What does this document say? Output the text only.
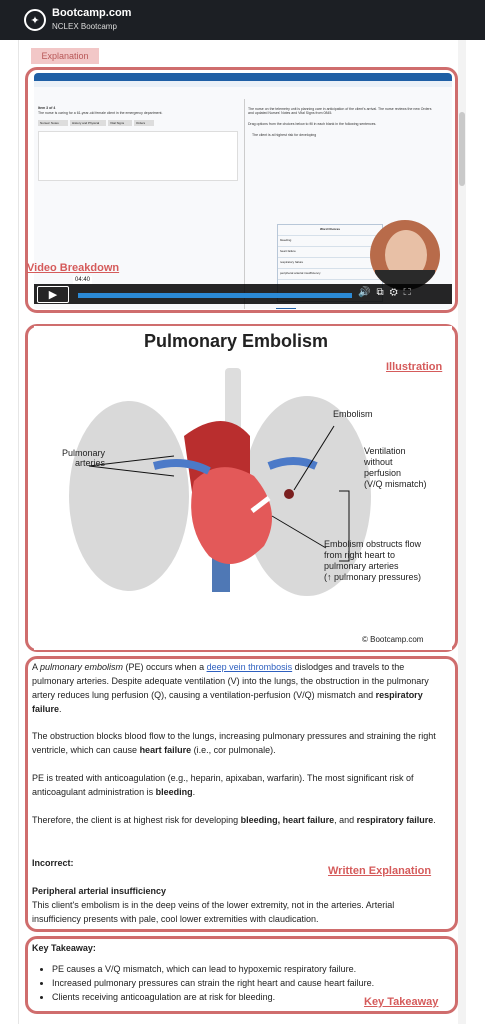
✦
Bootcamp.com
NCLEX Bootcamp
Explanation
Item 3 of 4
The nurse is caring for a 61-year-old female client in the emergency department.
Nurses' Notes	History and Physical	Vital Signs	Orders
The nurse on the telemetry unit is planning care in anticipation of the client's arrival. The nurse reviews the new Orders and updated Nurses' Notes and Vital Signs from 0845.
Drag options from the choices below to fill in each blank in the following sentences.
The client is at highest risk for developing
Word Choices
bleeding
heart failure
respiratory failure
peripheral arterial insufficiency
▶
04:40
🔊⧉⚙⛶
Video Breakdown
Pulmonary Embolism
Pulmonary
arteries
Embolism
Ventilation
without
perfusion
(V/Q mismatch)
Embolism obstructs flow
from right heart to
pulmonary arteries
(↑ pulmonary pressures)
© Bootcamp.com
Illustration
A pulmonary embolism (PE) occurs when a deep vein thrombosis dislodges and travels to the pulmonary arteries. Despite adequate ventilation (V) into the lungs, the obstruction in the pulmonary artery reduces lung perfusion (Q), causing a ventilation-perfusion (V/Q) mismatch and respiratory failure.
The obstruction blocks blood flow to the lungs, increasing pulmonary pressures and straining the right ventricle, which can cause heart failure (i.e., cor pulmonale).
PE is treated with anticoagulation (e.g., heparin, apixaban, warfarin). The most significant risk of anticoagulant administration is bleeding.
Therefore, the client is at highest risk for developing bleeding, heart failure, and respiratory failure.
Incorrect:
Peripheral arterial insufficiency
This client's embolism is in the deep veins of the lower extremity, not in the arteries. Arterial insufficiency presents with pale, cool lower extremities with claudication.
Written Explanation
Key Takeaway:
• PE causes a V/Q mismatch, which can lead to hypoxemic respiratory failure.
• Increased pulmonary pressures can strain the right heart and cause heart failure.
• Clients receiving anticoagulation are at risk for bleeding.	Key Takeaway
